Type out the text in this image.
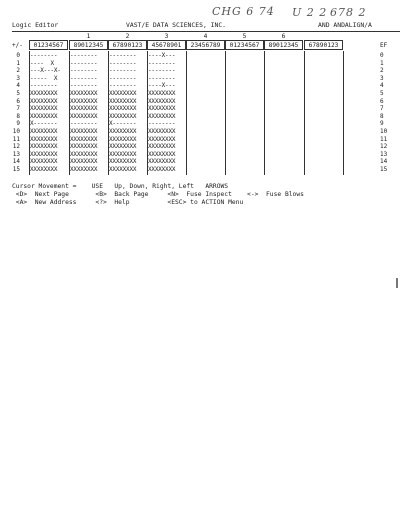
CHG 6 74 U 2 2 678 2
Logic Editor	VAST/E DATA SCIENCES, INC.	AND ANDALIGN/A
1	2	3	4	5	6
+/-	EF
01234567	89012345	67890123	45678901	23456789	01234567	89012345	67890123
0 --------	--------	--------	----X---	0
1 ----  X	--------	--------	--------	1
2 ---X---X-	--------	--------	--------	2
3 -----  X	--------	--------	--------	3
4 --------	--------	--------	----X---	4
5 XXXXXXXX	XXXXXXXX	XXXXXXXX	XXXXXXXX	5
6 XXXXXXXX	XXXXXXXX	XXXXXXXX	XXXXXXXX	6
7 XXXXXXXX	XXXXXXXX	XXXXXXXX	XXXXXXXX	7
8 XXXXXXXX	XXXXXXXX	XXXXXXXX	XXXXXXXX	8
9 X-------	--------	X-------	--------	9
10 XXXXXXXX	XXXXXXXX	XXXXXXXX	XXXXXXXX	10
11 XXXXXXXX	XXXXXXXX	XXXXXXXX	XXXXXXXX	11
12 XXXXXXXX	XXXXXXXX	XXXXXXXX	XXXXXXXX	12
13 XXXXXXXX	XXXXXXXX	XXXXXXXX	XXXXXXXX	13
14 XXXXXXXX	XXXXXXXX	XXXXXXXX	XXXXXXXX	14
15 XXXXXXXX	XXXXXXXX	XXXXXXXX	XXXXXXXX	15
Cursor Movement =    USE   Up, Down, Right, Left   ARROWS
<D>  Next Page       <B>  Back Page     <N>  Fuse Inspect    <->  Fuse Blows
<A>  New Address     <?>  Help          <ESC> to ACTION Menu
